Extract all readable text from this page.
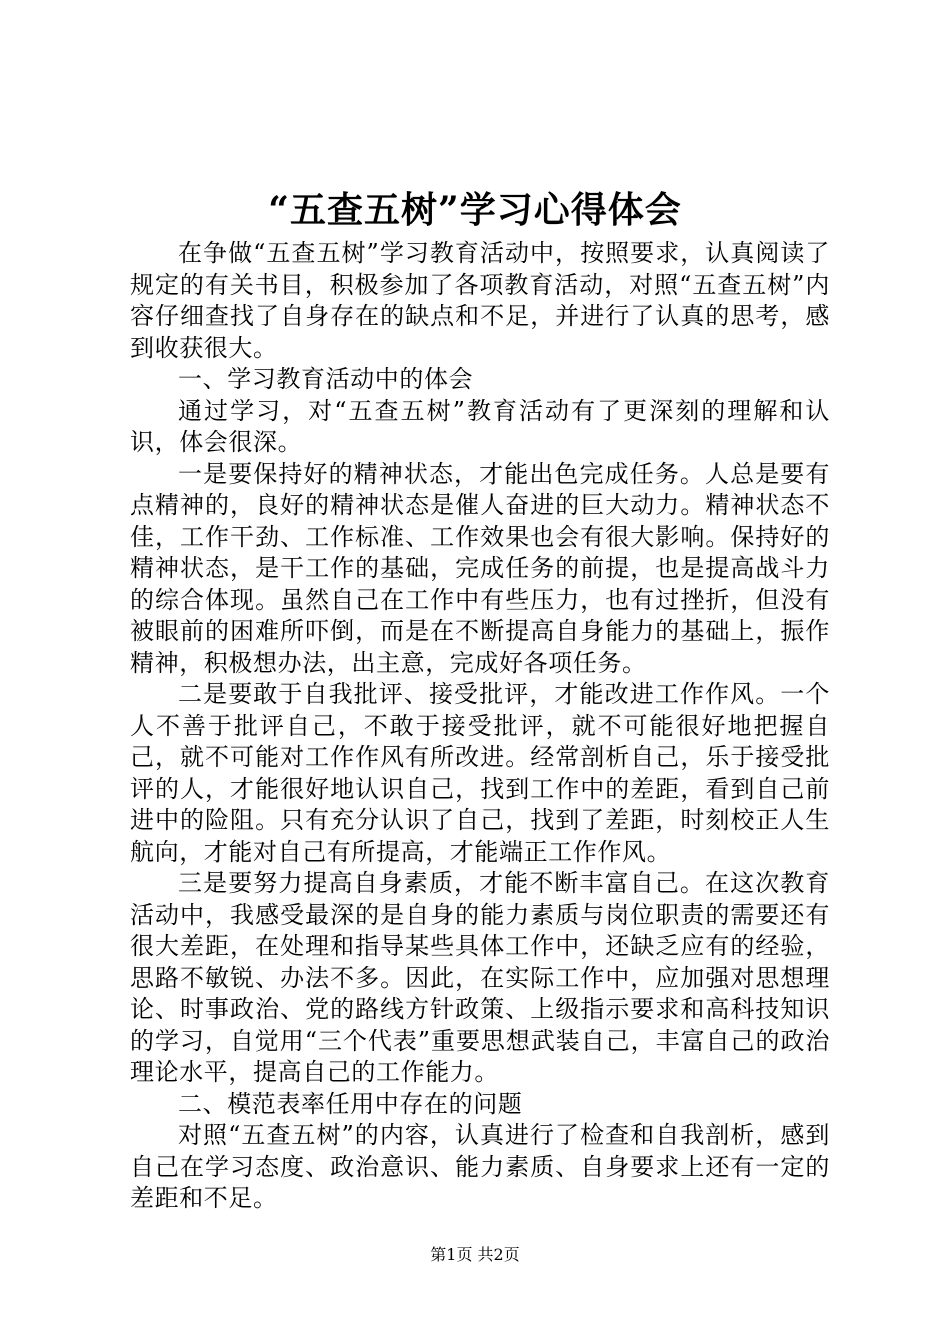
“五查五树”学习心得体会

在争做“五查五树”学习教育活动中，按照要求，认真阅读了规定的有关书目，积极参加了各项教育活动，对照“五查五树”内容仔细查找了自身存在的缺点和不足，并进行了认真的思考，感到收获很大。

一、学习教育活动中的体会

通过学习，对“五查五树”教育活动有了更深刻的理解和认识，体会很深。

一是要保持好的精神状态，才能出色完成任务。人总是要有点精神的，良好的精神状态是催人奋进的巨大动力。精神状态不佳，工作干劲、工作标准、工作效果也会有很大影响。保持好的精神状态，是干工作的基础，完成任务的前提，也是提高战斗力的综合体现。虽然自己在工作中有些压力，也有过挫折，但没有被眼前的困难所吓倒，而是在不断提高自身能力的基础上，振作精神，积极想办法，出主意，完成好各项任务。

二是要敢于自我批评、接受批评，才能改进工作作风。一个人不善于批评自己，不敢于接受批评，就不可能很好地把握自己，就不可能对工作作风有所改进。经常剖析自己，乐于接受批评的人，才能很好地认识自己，找到工作中的差距，看到自己前进中的险阻。只有充分认识了自己，找到了差距，时刻校正人生航向，才能对自己有所提高，才能端正工作作风。

三是要努力提高自身素质，才能不断丰富自己。在这次教育活动中，我感受最深的是自身的能力素质与岗位职责的需要还有很大差距，在处理和指导某些具体工作中，还缺乏应有的经验，思路不敏锐、办法不多。因此，在实际工作中，应加强对思想理论、时事政治、党的路线方针政策、上级指示要求和高科技知识的学习，自觉用“三个代表”重要思想武装自己，丰富自己的政治理论水平，提高自己的工作能力。

二、模范表率任用中存在的问题

对照“五查五树”的内容，认真进行了检查和自我剖析，感到自己在学习态度、政治意识、能力素质、自身要求上还有一定的差距和不足。

第1页 共2页
